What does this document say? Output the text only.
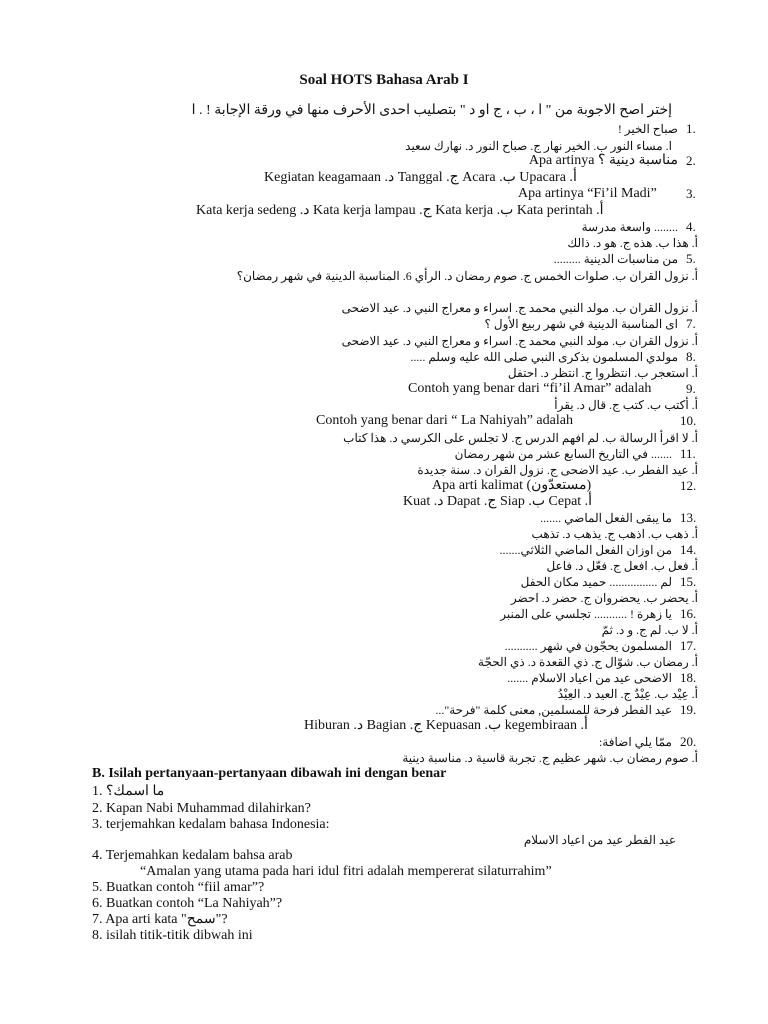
Soal HOTS Bahasa Arab I
إختر اصح الاجوبة من " ا ، ب ، ج او د " بتصليب احدى الأحرف منها في ورقة الإجابة ! . ا
1.
صباح الخير !
ا. مساء النور ب. الخير نهار ج. صباح النور د. نهارك سعيد
2.
Apa artinya مناسبة دينية ؟
Kegiatan keagamaan .د Tanggal .ج Acara .ب Upacara .أ
3.
Apa artinya “Fi’il Madi”
Kata kerja sedeng .د Kata kerja lampau .ج Kata kerja .ب Kata perintah .أ
4.
........ واسعة مدرسة
أ. هذا ب. هذه ج. هو د. ذالك
5.
من مناسبات الدينية .........
أ. نزول القران ب. صلوات الخمس ج. صوم رمضان د. الرأي 6. المناسبة الدينية في شهر رمضان؟
أ. نزول القران ب. مولد النبي محمد ج. اسراء و معراج النبي د. عيد الاضحى
7.
اى المناسبة الدينية في شهر ربيع الأول ؟
أ. نزول القران ب. مولد النبي محمد ج. اسراء و معراج النبي د. عيد الاضحى
8.
مولدي المسلمون بذكرى النبي صلى الله عليه وسلم .....
أ. استعجر ب. انتظروا ج. انتظر د. احتفل
9.
Contoh yang benar dari “fi’il Amar” adalah
أ. أكتب ب. كتب ج. قال د. يقرأ
10.
Contoh yang benar dari “ La Nahiyah” adalah
أ. لا اقرأ الرسالة ب. لم افهم الدرس ج. لا تجلس على الكرسي د. هذا كتاب
11.
....... في التاريخ السابع عشر من شهر رمضان
أ. عيد الفطر ب. عيد الاضحى ج. نزول القران د. سنة جديدة
12.
Apa arti kalimat (مستعدّون)
Kuat .د Dapat .ج Siap .ب Cepat .أ
13.
ما يبقى الفعل الماضي .......
أ. ذهب ب. اذهب ج. يذهب د. تذهب
14.
من اوزان الفعل الماضي الثلاثي.......
أ. فعل ب. افعل ج. فعّل د. فاعل
15.
لم ................ حميد مكان الحفل
أ. يحضر ب. يحضروان ج. حضر د. احضر
16.
يا زهرة ! ........... تجلسي على المنبر
أ. لا ب. لم ج. و د. ثمّ
17.
المسلمون يحجّون في شهر ...........
أ. رمضان ب. شوّال ج. ذي القعدة د. ذي الحجّة
18.
الاضحى عيد من اعياد الاسلام .......
أ. عِيْد ب. عِيْدٌ ج. العيد د. العِيْدُ
19.
عيد الفطر فرحة للمسلمين, معنى كلمة "فرحة"...
Hiburan .د Bagian .ج Kepuasan .ب kegembiraan .أ
20.
ممّا يلي اضافة:
أ. صوم رمضان ب. شهر عظيم ج. تجربة قاسية د. مناسبة دينية
B. Isilah pertanyaan-pertanyaan dibawah ini dengan benar
1. ما اسمك؟
2. Kapan Nabi Muhammad dilahirkan?
3. terjemahkan kedalam bahasa Indonesia:
عيد الفطر عيد من اعياد الاسلام
4. Terjemahkan kedalam bahsa arab
“Amalan yang utama pada hari idul fitri adalah mempererat silaturrahim”
5. Buatkan contoh “fiil amar”?
6. Buatkan contoh “La Nahiyah”?
7. Apa arti kata "سمح"?
8. isilah titik-titik dibwah ini
